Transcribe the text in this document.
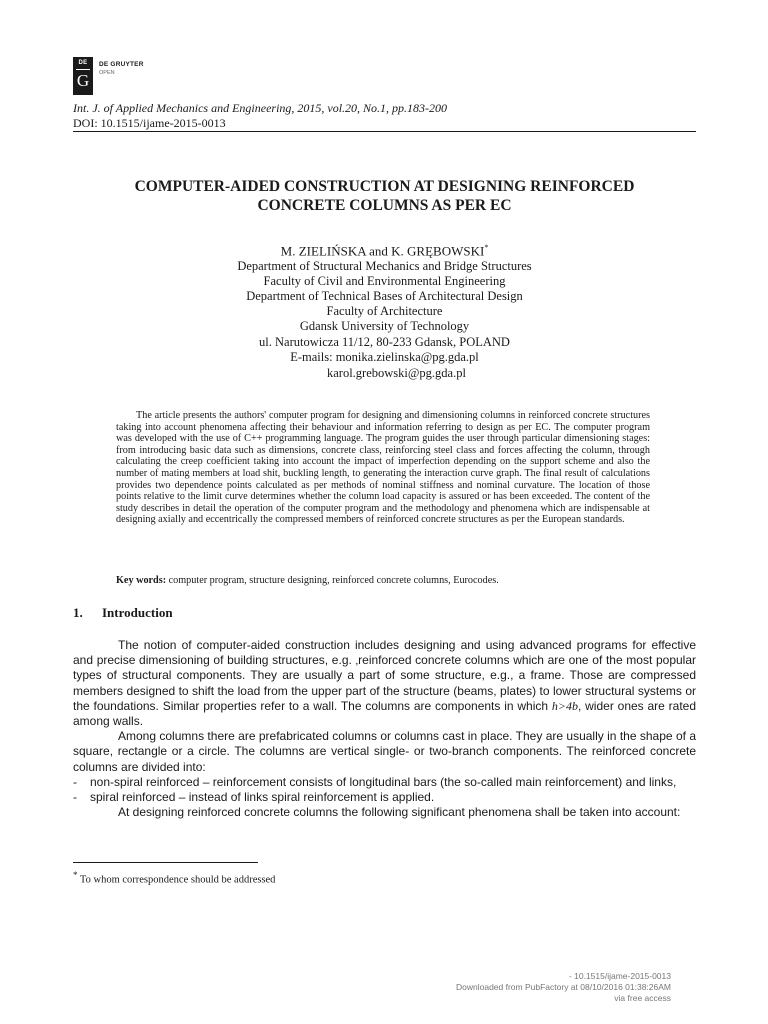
DE
G
DE GRUYTER
OPEN
Int. J. of Applied Mechanics and Engineering, 2015, vol.20, No.1, pp.183-200
DOI: 10.1515/ijame-2015-0013
COMPUTER-AIDED CONSTRUCTION AT DESIGNING REINFORCED
CONCRETE COLUMNS AS PER EC
M. ZIELIŃSKA and K. GRĘBOWSKI*
Department of Structural Mechanics and Bridge Structures
Faculty of Civil and Environmental Engineering
Department of Technical Bases of Architectural Design
Faculty of Architecture
Gdansk University of Technology
ul. Narutowicza 11/12, 80-233 Gdansk, POLAND
E-mails: monika.zielinska@pg.gda.pl
karol.grebowski@pg.gda.pl

The article presents the authors' computer program for designing and dimensioning columns in reinforced concrete structures taking into account phenomena affecting their behaviour and information referring to design as per EC. The computer program was developed with the use of C++ programming language. The program guides the user through particular dimensioning stages: from introducing basic data such as dimensions, concrete class, reinforcing steel class and forces affecting the column, through calculating the creep coefficient taking into account the impact of imperfection depending on the support scheme and also the number of mating members at load shit, buckling length, to generating the interaction curve graph. The final result of calculations provides two dependence points calculated as per methods of nominal stiffness and nominal curvature. The location of those points relative to the limit curve determines whether the column load capacity is assured or has been exceeded. The content of the study describes in detail the operation of the computer program and the methodology and phenomena which are indispensable at designing axially and eccentrically the compressed members of reinforced concrete structures as per the European standards.

Key words: computer program, structure designing, reinforced concrete columns, Eurocodes.
1. Introduction

The notion of computer-aided construction includes designing and using advanced programs for effective and precise dimensioning of building structures, e.g. ‚reinforced concrete columns which are one of the most popular types of structural components. They are usually a part of some structure, e.g., a frame. Those are compressed members designed to shift the load from the upper part of the structure (beams, plates) to lower structural systems or the foundations. Similar properties refer to a wall. The columns are components in which h>4b, wider ones are rated among walls.

Among columns there are prefabricated columns or columns cast in place. They are usually in the shape of a square, rectangle or a circle. The columns are vertical single- or two-branch components. The reinforced concrete columns are divided into:

-	non-spiral reinforced – reinforcement consists of longitudinal bars (the so-called main reinforcement) and links,
-	spiral reinforced – instead of links spiral reinforcement is applied.

At designing reinforced concrete columns the following significant phenomena shall be taken into account:

* To whom correspondence should be addressed
- 10.1515/ijame-2015-0013
Downloaded from PubFactory at 08/10/2016 01:38:26AM
via free access
